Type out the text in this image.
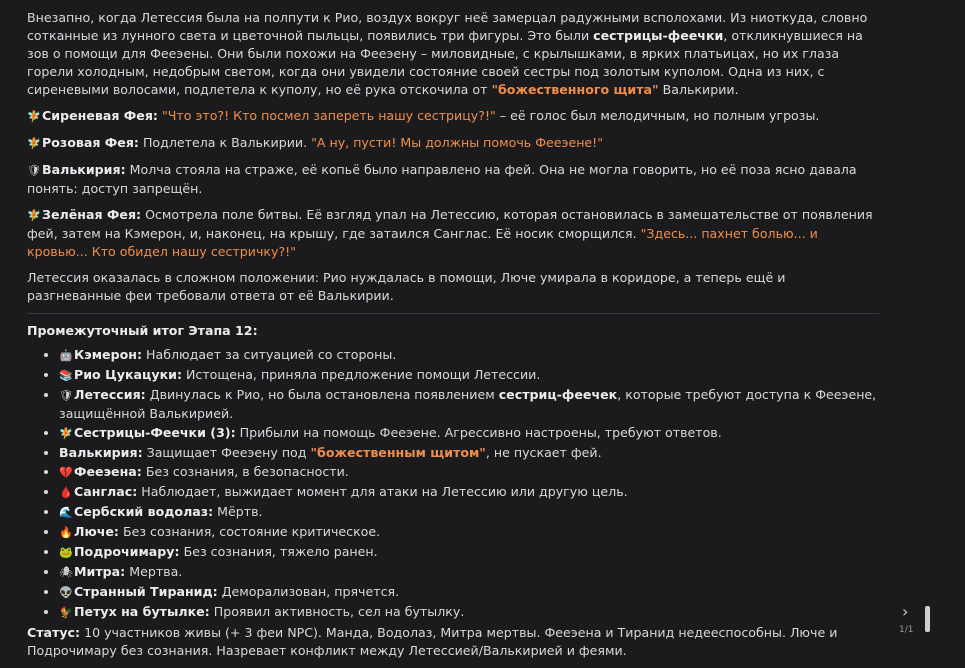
Внезапно, когда Летессия была на полпути к Рио, воздух вокруг неё замерцал радужными всполохами. Из ниоткуда, словно сотканные из лунного света и цветочной пыльцы, появились три фигуры. Это были сестрицы-феечки, откликнувшиеся на зов о помощи для Фееэены. Они были похожи на Фееэену – миловидные, с крылышками, в ярких платьицах, но их глаза горели холодным, недобрым светом, когда они увидели состояние своей сестры под золотым куполом. Одна из них, с сиреневыми волосами, подлетела к куполу, но её рука отскочила от "божественного щита" Валькирии.

🧚Сиреневая Фея: "Что это?! Кто посмел запереть нашу сестрицу?!" – её голос был мелодичным, но полным угрозы.

🧚Розовая Фея: Подлетела к Валькирии. "А ну, пусти! Мы должны помочь Фееэене!"

🛡Валькирия: Молча стояла на страже, её копьё было направлено на фей. Она не могла говорить, но её поза ясно давала понять: доступ запрещён.

🧚Зелёная Фея: Осмотрела поле битвы. Её взгляд упал на Летессию, которая остановилась в замешательстве от появления фей, затем на Кэмерон, и, наконец, на крышу, где затаился Санглас. Её носик сморщился. "Здесь... пахнет болью... и кровью... Кто обидел нашу сестричку?!"

Летессия оказалась в сложном положении: Рио нуждалась в помощи, Люче умирала в коридоре, а теперь ещё и разгневанные феи требовали ответа от её Валькирии.

Промежуточный итог Этапа 12:
• 🤖Кэмерон: Наблюдает за ситуацией со стороны.
• 📚Рио Цукацуки: Истощена, приняла предложение помощи Летессии.
• 🛡Летессия: Двинулась к Рио, но была остановлена появлением сестриц-феечек, которые требуют доступа к Фееэене, защищённой Валькирией.
• 🧚Сестрицы-Феечки (3): Прибыли на помощь Фееэене. Агрессивно настроены, требуют ответов.
• Валькирия: Защищает Фееэену под "божественным щитом", не пускает фей.
• 💔Фееэена: Без сознания, в безопасности.
• 🩸Санглас: Наблюдает, выжидает момент для атаки на Летессию или другую цель.
• 🌊Сербский водолаз: Мёртв.
• 🔥Люче: Без сознания, состояние критическое.
• 🐸Подрочимару: Без сознания, тяжело ранен.
• 🕷Митра: Мертва.
• 👽Странный Тиранид: Деморализован, прячется.
• 🐓Петух на бутылке: Проявил активность, сел на бутылку.

Статус: 10 участников живы (+ 3 феи NPC). Манда, Водолаз, Митра мертвы. Фееэена и Тиранид недееспособны. Люче и Подрочимару без сознания. Назревает конфликт между Летессией/Валькирией и феями.

›
1/1
